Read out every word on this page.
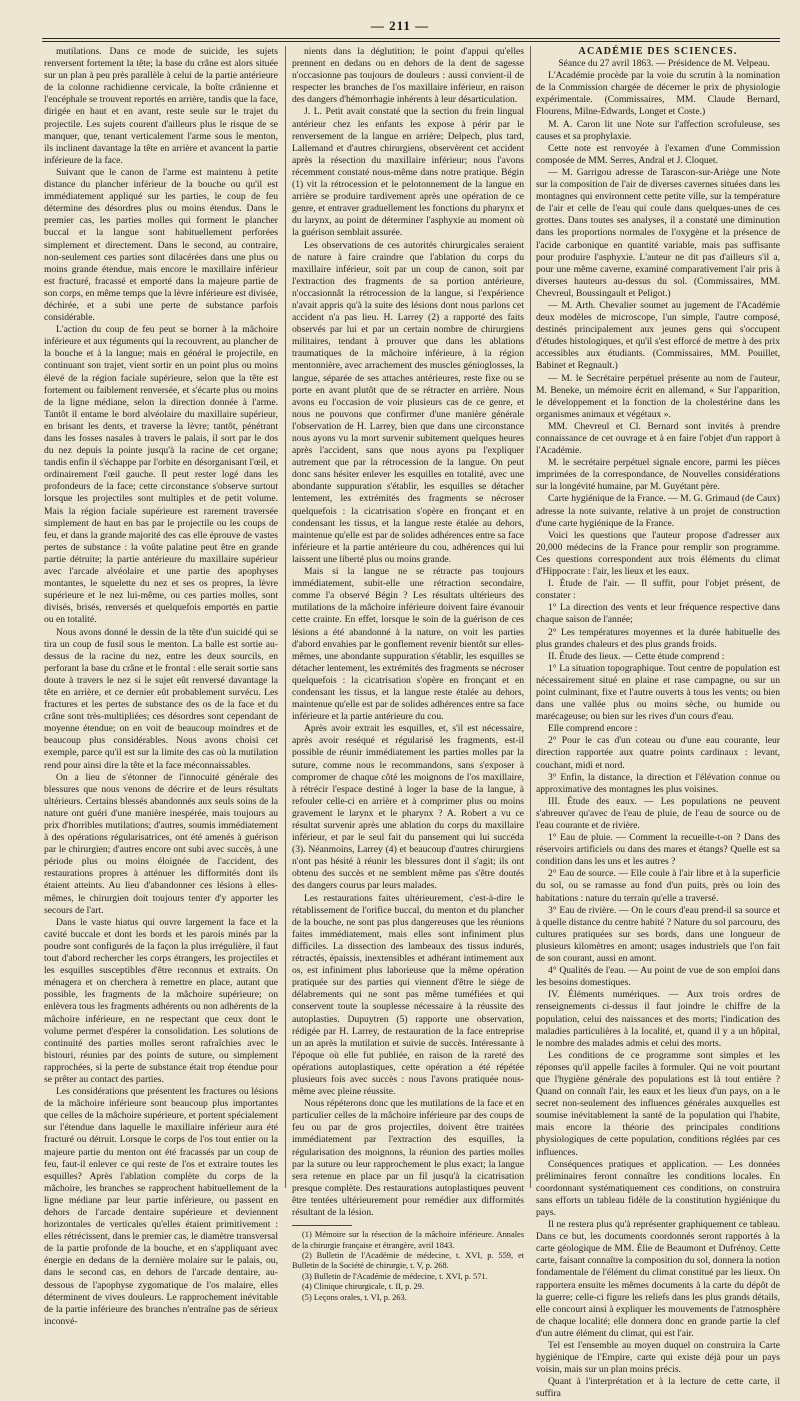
— 211 —

mutilations. Dans ce mode de suicide, les sujets renversent fortement la tête; la base du crâne est alors située sur un plan à peu près parallèle à celui de la partie antérieure de la colonne rachidienne cervicale, la boîte crânienne et l'encéphale se trouvent reportés en arrière, tandis que la face, dirigée en haut et en avant, reste seule sur le trajet du projectile. Les sujets courent d'ailleurs plus le risque de se manquer, que, tenant verticalement l'arme sous le menton, ils inclinent davantage la tête en arrière et avancent la partie inférieure de la face.

Suivant que le canon de l'arme est maintenu à petite distance du plancher inférieur de la bouche ou qu'il est immédiatement appliqué sur les parties, le coup de feu détermine des désordres plus ou moins étendus. Dans le premier cas, les parties molles qui forment le plancher buccal et la langue sont habituellement perforées simplement et directement. Dans le second, au contraire, non-seulement ces parties sont dilacérées dans une plus ou moins grande étendue, mais encore le maxillaire inférieur est fracturé, fracassé et emporté dans la majeure partie de son corps, en même temps que la lèvre inférieure est divisée, déchirée, et a subi une perte de substance parfois considérable.

L'action du coup de feu peut se borner à la mâchoire inférieure et aux téguments qui la recouvrent, au plancher de la bouche et à la langue; mais en général le projectile, en continuant son trajet, vient sortir en un point plus ou moins élevé de la région faciale supérieure, selon que la tête est fortement ou faiblement renversée, et s'écarte plus ou moins de la ligne médiane, selon la direction donnée à l'arme. Tantôt il entame le bord alvéolaire du maxillaire supérieur, en brisant les dents, et traverse la lèvre; tantôt, pénétrant dans les fosses nasales à travers le palais, il sort par le dos du nez depuis la pointe jusqu'à la racine de cet organe; tandis enfin il s'échappe par l'orbite en désorganisant l'œil, et ordinairement l'œil gauche. Il peut rester logé dans les profondeurs de la face; cette circonstance s'observe surtout lorsque les projectiles sont multiples et de petit volume. Mais la région faciale supérieure est rarement traversée simplement de haut en bas par le projectile ou les coups de feu, et dans la grande majorité des cas elle éprouve de vastes pertes de substance : la voûte palatine peut être en grande partie détruite; la partie antérieure du maxillaire supérieur avec l'arcade alvéolaire et une partie des apophyses montantes, le squelette du nez et ses os propres, la lèvre supérieure et le nez lui-même, ou ces parties molles, sont divisés, brisés, renversés et quelquefois emportés en partie ou en totalité.

Nous avons donné le dessin de la tête d'un suicidé qui se tira un coup de fusil sous le menton. La balle est sortie au-dessus de la racine du nez, entre les deux sourcils, en perforant la base du crâne et le frontal : elle serait sortie sans doute à travers le nez si le sujet eût renversé davantage la tête en arrière, et ce dernier eût probablement survécu. Les fractures et les pertes de substance des os de la face et du crâne sont très-multipliées; ces désordres sont cependant de moyenne étendue; on en voit de beaucoup moindres et de beaucoup plus considérables. Nous avons choisi cet exemple, parce qu'il est sur la limite des cas où la mutilation rend pour ainsi dire la tête et la face méconnaissables.

On a lieu de s'étonner de l'innocuité générale des blessures que nous venons de décrire et de leurs résultats ultérieurs. Certains blessés abandonnés aux seuls soins de la nature ont guéri d'une manière inespérée, mais toujours au prix d'horribles mutilations; d'autres, soumis immédiatement à des opérations régularisatrices, ont été amenés à guérison par le chirurgien; d'autres encore ont subi avec succès, à une période plus ou moins éloignée de l'accident, des restaurations propres à atténuer les difformités dont ils étaient atteints. Au lieu d'abandonner ces lésions à elles-mêmes, le chirurgien doit toujours tenter d'y apporter les secours de l'art.

Dans le vaste hiatus qui ouvre largement la face et la cavité buccale et dont les bords et les parois minés par la poudre sont configurés de la façon la plus irrégulière, il faut tout d'abord rechercher les corps étrangers, les projectiles et les esquilles susceptibles d'être reconnus et extraits. On ménagera et on cherchera à remettre en place, autant que possible, les fragments de la mâchoire supérieure; on enlèvera tous les fragments adhérents ou non adhérents de la mâchoire inférieure, en ne respectant que ceux dont le volume permet d'espérer la consolidation. Les solutions de continuité des parties molles seront rafraîchies avec le bistouri, réunies par des points de suture, ou simplement rapprochées, si la perte de substance était trop étendue pour se prêter au contact des parties.

Les considérations que présentent les fractures ou lésions de la mâchoire inférieure sont beaucoup plus importantes que celles de la mâchoire supérieure, et portent spécialement sur l'étendue dans laquelle le maxillaire inférieur aura été fracturé ou détruit. Lorsque le corps de l'os tout entier ou la majeure partie du menton ont été fracassés par un coup de feu, faut-il enlever ce qui reste de l'os et extraire toutes les esquilles? Après l'ablation complète du corps de la mâchoire, les branches se rapprochent habituellement de la ligne médiane par leur partie inférieure, ou passent en dehors de l'arcade dentaire supérieure et deviennent horizontales de verticales qu'elles étaient primitivement : elles rétrécissent, dans le premier cas, le diamètre transversal de la partie profonde de la bouche, et en s'appliquant avec énergie en dedans de la dernière molaire sur le palais, ou, dans le second cas, en dehors de l'arcade dentaire, au-dessous de l'apophyse zygomatique de l'os malaire, elles déterminent de vives douleurs. Le rapprochement inévitable de la partie inférieure des branches n'entraîne pas de sérieux inconvé-

nients dans la déglutition; le point d'appui qu'elles prennent en dedans ou en dehors de la dent de sagesse n'occasionne pas toujours de douleurs : aussi convient-il de respecter les branches de l'os maxillaire inférieur, en raison des dangers d'hémorrhagie inhérents à leur désarticulation.

J. L. Petit avait constaté que la section du frein lingual antérieur chez les enfants les expose à périr par le renversement de la langue en arrière; Delpech, plus tard, Lallemand et d'autres chirurgiens, observèrent cet accident après la résection du maxillaire inférieur; nous l'avons récemment constaté nous-même dans notre pratique. Bégin (1) vit la rétrocession et le pelotonnement de la langue en arrière se produire tardivement après une opération de ce genre, et entraver graduellement les fonctions du pharynx et du larynx, au point de déterminer l'asphyxie au moment où la guérison semblait assurée.

Les observations de ces autorités chirurgicales seraient de nature à faire craindre que l'ablation du corps du maxillaire inférieur, soit par un coup de canon, soit par l'extraction des fragments de sa portion antérieure, n'occasionnât la rétrocession de la langue, si l'expérience n'avait appris qu'à la suite des lésions dont nous parlons cet accident n'a pas lieu. H. Larrey (2) a rapporté des faits observés par lui et par un certain nombre de chirurgiens militaires, tendant à prouver que dans les ablations traumatiques de la mâchoire inférieure, à la région mentonnière, avec arrachement des muscles génioglosses, la langue, séparée de ses attaches antérieures, reste fixe ou se porte en avant plutôt que de se rétracter en arrière. Nous avons eu l'occasion de voir plusieurs cas de ce genre, et nous ne pouvons que confirmer d'une manière générale l'observation de H. Larrey, bien que dans une circonstance nous ayons vu la mort survenir subitement quelques heures après l'accident, sans que nous ayons pu l'expliquer autrement que par la rétrocession de la langue. On peut donc sans hésiter enlever les esquilles en totalité, avec une abondante suppuration s'établir, les esquilles se détacher lentement, les extrémités des fragments se nécroser quelquefois : la cicatrisation s'opère en fronçant et en condensant les tissus, et la langue reste étalée au dehors, maintenue qu'elle est par de solides adhérences entre sa face inférieure et la partie antérieure du cou, adhérences qui lui laissent une liberté plus ou moins grande.

Mais si la langue ne se rétracte pas toujours immédiatement, subit-elle une rétraction secondaire, comme l'a observé Bégin ? Les résultats ultérieurs des mutilations de la mâchoire inférieure doivent faire évanouir cette crainte. En effet, lorsque le soin de la guérison de ces lésions a été abandonné à la nature, on voit les parties d'abord envahies par le gonflement revenir bientôt sur elles-mêmes, une abondante suppuration s'établir, les esquilles se détacher lentement, les extrémités des fragments se nécroser quelquefois : la cicatrisation s'opère en fronçant et en condensant les tissus, et la langue reste étalée au dehors, maintenue qu'elle est par de solides adhérences entre sa face inférieure et la partie antérieure du cou.

Après avoir extrait les esquilles, et, s'il est nécessaire, après avoir reséqué et régularisé les fragments, est-il possible de réunir immédiatement les parties molles par la suture, comme nous le recommandons, sans s'exposer à compromer de chaque côté les moignons de l'os maxillaire, à rétrécir l'espace destiné à loger la base de la langue, à refouler celle-ci en arrière et à comprimer plus ou moins gravement le larynx et le pharynx ? A. Robert a vu ce résultat survenir après une ablation du corps du maxillaire inférieur, et par le seul fait du pansement qui lui succéda (3). Néanmoins, Larrey (4) et beaucoup d'autres chirurgiens n'ont pas hésité à réunir les blessures dont il s'agit; ils ont obtenu des succès et ne semblent même pas s'être doutés des dangers courus par leurs malades.

Les restaurations faites ultérieurement, c'est-à-dire le rétablissement de l'orifice buccal, du menton et du plancher de la bouche, ne sont pas plus dangereuses que les réunions faites immédiatement, mais elles sont infiniment plus difficiles. La dissection des lambeaux des tissus indurés, rétractés, épaissis, inextensibles et adhérant intimement aux os, est infiniment plus laborieuse que la même opération pratiquée sur des parties qui viennent d'être le siège de délabrements qui ne sont pas même tuméfiées et qui conservent toute la souplesse nécessaire à la réussite des autoplasties. Dupuytren (5) rapporte une observation, rédigée par H. Larrey, de restauration de la face entreprise un an après la mutilation et suivie de succès. Intéressante à l'époque où elle fut publiée, en raison de la rareté des opérations autoplastiques, cette opération a été répétée plusieurs fois avec succès : nous l'avons pratiquée nous-même avec pleine réussite.

Nous répéterons donc que les mutilations de la face et en particulier celles de la mâchoire inférieure par des coups de feu ou par de gros projectiles, doivent être traitées immédiatement par l'extraction des esquilles, la régularisation des moignons, la réunion des parties molles par la suture ou leur rapprochement le plus exact; la langue sera retenue en place par un fil jusqu'à la cicatrisation presque complète. Des restaurations autoplastiques peuvent être tentées ultérieurement pour remédier aux difformités résultant de la lésion.

(1) Mémoire sur la résection de la mâchoire inférieure. Annales de la chirurgie française et étrangère, avril 1843.

(2) Bulletin de l'Académie de médecine, t. XVI, p. 559, et Bulletin de la Société de chirurgie, t. V, p. 268.

(3) Bulletin de l'Académie de médecine, t. XVI, p. 571.

(4) Clinique chirurgicale, t. II, p. 29.

(5) Leçons orales, t. VI, p. 263.

ACADÉMIE DES SCIENCES.

Séance du 27 avril 1863. — Présidence de M. Velpeau.

L'Académie procède par la voie du scrutin à la nomination de la Commission chargée de décerner le prix de physiologie expérimentale. (Commissaires, MM. Claude Bernard, Flourens, Milne-Edwards, Longet et Coste.)

M. A. Caron lit une Note sur l'affection scrofuleuse, ses causes et sa prophylaxie.

Cette note est renvoyée à l'examen d'une Commission composée de MM. Serres, Andral et J. Cloquet.

— M. Garrigou adresse de Tarascon-sur-Ariège une Note sur la composition de l'air de diverses cavernes situées dans les montagnes qui environnent cette petite ville, sur la température de l'air et celle de l'eau qui coule dans quelques-unes de ces grottes. Dans toutes ses analyses, il a constaté une diminution dans les proportions normales de l'oxygène et la présence de l'acide carbonique en quantité variable, mais pas suffisante pour produire l'asphyxie. L'auteur ne dit pas d'ailleurs s'il a, pour une même caverne, examiné comparativement l'air pris à diverses hauteurs au-dessus du sol. (Commissaires, MM. Chevreul, Boussingault et Peligot.)

— M. Arth. Chevalier soumet au jugement de l'Académie deux modèles de microscope, l'un simple, l'autre composé, destinés principalement aux jeunes gens qui s'occupent d'études histologiques, et qu'il s'est efforcé de mettre à des prix accessibles aux étudiants. (Commissaires, MM. Pouillet, Babinet et Regnault.)

— M. le Secrétaire perpétuel présente au nom de l'auteur, M. Beneke, un mémoire écrit en allemand, « Sur l'apparition, le développement et la fonction de la cholestérine dans les organismes animaux et végétaux ».

MM. Chevreul et Cl. Bernard sont invités à prendre connaissance de cet ouvrage et à en faire l'objet d'un rapport à l'Académie.

M. le secrétaire perpétuel signale encore, parmi les pièces imprimées de la correspondance, de Nouvelles considérations sur la longévité humaine, par M. Guyétant père.

Carte hygiénique de la France. — M. G. Grimaud (de Caux) adresse la note suivante, relative à un projet de construction d'une carte hygiénique de la France.

Voici les questions que l'auteur propose d'adresser aux 20,000 médecins de la France pour remplir son programme. Ces questions correspondent aux trois éléments du climat d'Hippocrate : l'air, les lieux et les eaux.

I. Étude de l'air. — Il suffit, pour l'objet présent, de constater :

1° La direction des vents et leur fréquence respective dans chaque saison de l'année;

2° Les températures moyennes et la durée habituelle des plus grandes chaleurs et des plus grands froids.

II. Étude des lieux. — Cette étude comprend :

1° La situation topographique. Tout centre de population est nécessairement situé en plaine et rase campagne, ou sur un point culminant, fixe et l'autre ouverts à tous les vents; ou bien dans une vallée plus ou moins sèche, ou humide ou marécageuse; ou bien sur les rives d'un cours d'eau.

Elle comprend encore :

2° Pour le cas d'un coteau ou d'une eau courante, leur direction rapportée aux quatre points cardinaux : levant, couchant, midi et nord.

3° Enfin, la distance, la direction et l'élévation connue ou approximative des montagnes les plus voisines.

III. Étude des eaux. — Les populations ne peuvent s'abreuver qu'avec de l'eau de pluie, de l'eau de source ou de l'eau courante et de rivière.

1° Eau de pluie. — Comment la recueille-t-on ? Dans des réservoirs artificiels ou dans des mares et étangs? Quelle est sa condition dans les uns et les autres ?

2° Eau de source. — Elle coule à l'air libre et à la superficie du sol, ou se ramasse au fond d'un puits, près ou loin des habitations : nature du terrain qu'elle a traversé.

3° Eau de rivière. — On le cours d'eau prend-il sa source et à quelle distance du centre habité ? Nature du sol parcouru, des cultures pratiquées sur ses bords, dans une longueur de plusieurs kilomètres en amont; usages industriels que l'on fait de son courant, aussi en amont.

4° Qualités de l'eau. — Au point de vue de son emploi dans les besoins domestiques.

IV. Éléments numériques. — Aux trois ordres de renseignements ci-dessus il faut joindre le chiffre de la population, celui des naissances et des morts; l'indication des maladies particulières à la localité, et, quand il y a un hôpital, le nombre des malades admis et celui des morts.

Les conditions de ce programme sont simples et les réponses qu'il appelle faciles à formuler. Qui ne voit pourtant que l'hygiène générale des populations est là tout entière ? Quand on connaît l'air, les eaux et les lieux d'un pays, on a le secret non-seulement des influences générales auxquelles est soumise inévitablement la santé de la population qui l'habite, mais encore la théorie des principales conditions physiologiques de cette population, conditions réglées par ces influences.

Conséquences pratiques et application. — Les données préliminaires feront connaître les conditions locales. En coordonnant systématiquement ces conditions, on construira sans efforts un tableau fidèle de la constitution hygiénique du pays.

Il ne restera plus qu'à représenter graphiquement ce tableau. Dans ce but, les documents coordonnés seront rapportés à la carte géologique de MM. Élie de Beaumont et Dufrénoy. Cette carte, faisant connaître la composition du sol, donnera la notion fondamentale de l'élément du climat constitué par les lieux. On rapportera ensuite les mêmes documents à la carte du dépôt de la guerre; celle-ci figure les reliefs dans les plus grands détails, elle concourt ainsi à expliquer les mouvements de l'atmosphère de chaque localité; elle donnera donc en grande partie la clef d'un autre élément du climat, qui est l'air.

Tel est l'ensemble au moyen duquel on construira la Carte hygiénique de l'Empire, carte qui existe déjà pour un pays voisin, mais sur un plan moins précis.

Quant à l'interprétation et à la lecture de cette carte, il suffira
